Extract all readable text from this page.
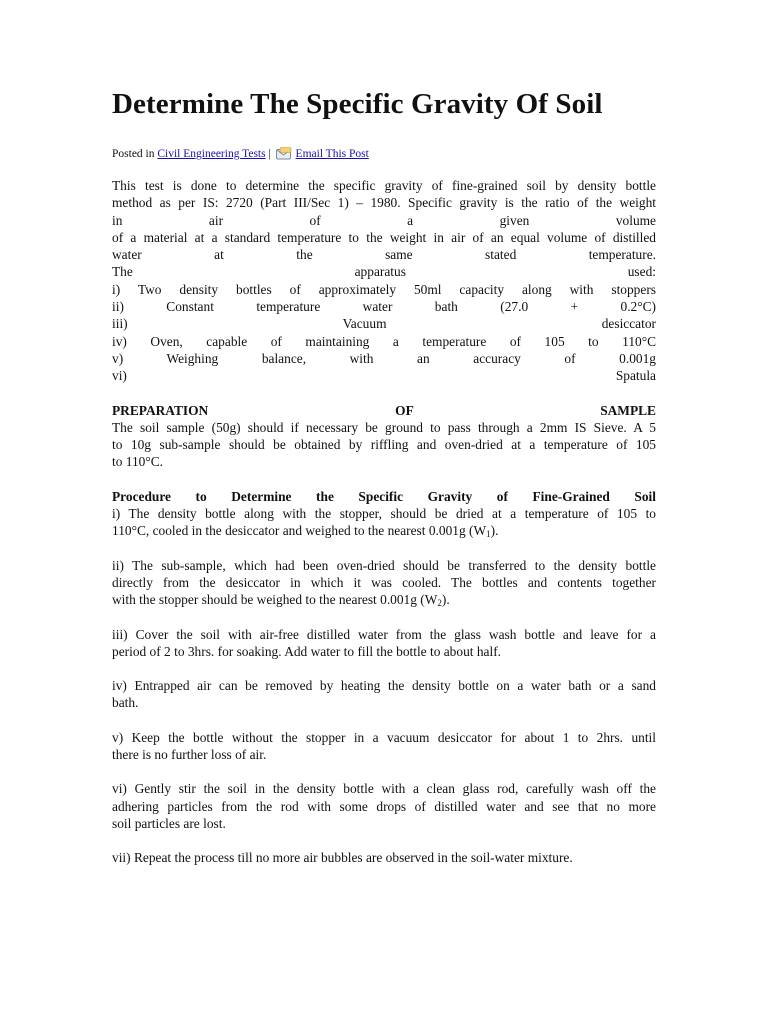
Determine The Specific Gravity Of Soil
Posted in Civil Engineering Tests | Email This Post
This test is done to determine the specific gravity of fine-grained soil by density bottle
method as per IS: 2720 (Part III/Sec 1) – 1980. Specific gravity is the ratio of the weight
in air of a given volume
of a material at a standard temperature to the weight in air of an equal volume of distilled
water at the same stated temperature.
The apparatus used:
i) Two density bottles of approximately 50ml capacity along with stoppers
ii) Constant temperature water bath (27.0 + 0.2°C)
iii) Vacuum desiccator
iv) Oven, capable of maintaining a temperature of 105 to 110°C
v) Weighing balance, with an accuracy of 0.001g
vi) Spatula
PREPARATION OF SAMPLE
The soil sample (50g) should if necessary be ground to pass through a 2mm IS Sieve. A 5
to 10g sub-sample should be obtained by riffling and oven-dried at a temperature of 105
to 110°C.
Procedure to Determine the Specific Gravity of Fine-Grained Soil
i) The density bottle along with the stopper, should be dried at a temperature of 105 to
110°C, cooled in the desiccator and weighed to the nearest 0.001g $(W_1)$.
ii) The sub-sample, which had been oven-dried should be transferred to the density bottle
directly from the desiccator in which it was cooled. The bottles and contents together
with the stopper should be weighed to the nearest 0.001g $(W_2)$.
iii) Cover the soil with air-free distilled water from the glass wash bottle and leave for a
period of 2 to 3hrs. for soaking. Add water to fill the bottle to about half.
iv) Entrapped air can be removed by heating the density bottle on a water bath or a sand
bath.
v) Keep the bottle without the stopper in a vacuum desiccator for about 1 to 2hrs. until
there is no further loss of air.
vi) Gently stir the soil in the density bottle with a clean glass rod, carefully wash off the
adhering particles from the rod with some drops of distilled water and see that no more
soil particles are lost.
vii) Repeat the process till no more air bubbles are observed in the soil-water mixture.
